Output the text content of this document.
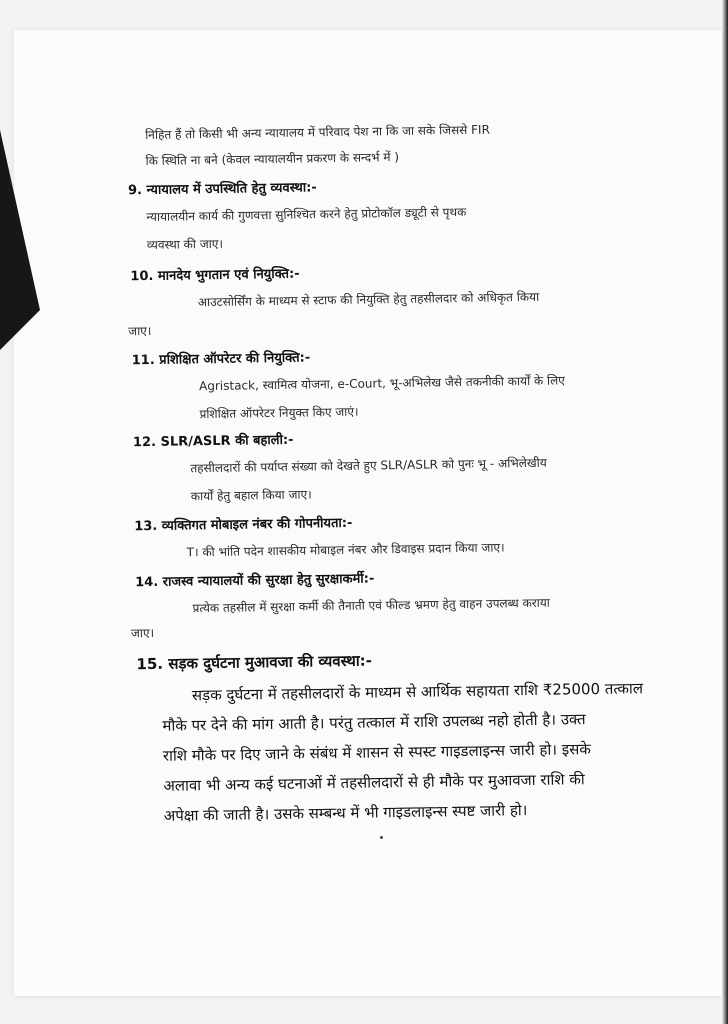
निहित हैं तो किसी भी अन्य न्यायालय में परिवाद पेश ना कि जा सके जिससे FIR
कि स्थिति ना बने (केवल न्यायालयीन प्रकरण के सन्दर्भ में )
9. न्यायालय में उपस्थिति हेतु व्यवस्था:-
न्यायालयीन कार्य की गुणवत्ता सुनिश्चित करने हेतु प्रोटोकॉल ड्यूटी से पृथक
व्यवस्था की जाए।
10. मानदेय भुगतान एवं नियुक्ति:-
आउटसोर्सिंग के माध्यम से स्टाफ की नियुक्ति हेतु तहसीलदार को अधिकृत किया
जाए।
11. प्रशिक्षित ऑपरेटर की नियुक्ति:-
Agristack, स्वामित्व योजना, e-Court, भू-अभिलेख जैसे तकनीकी कार्यों के लिए
प्रशिक्षित ऑपरेटर नियुक्त किए जाएं।
12. SLR/ASLR की बहाली:-
तहसीलदारों की पर्याप्त संख्या को देखते हुए SLR/ASLR को पुनः भू - अभिलेखीय
कार्यों हेतु बहाल किया जाए।
13. व्यक्तिगत मोबाइल नंबर की गोपनीयता:-
T। की भांति पदेन शासकीय मोबाइल नंबर और डिवाइस प्रदान किया जाए।
14. राजस्व न्यायालयों की सुरक्षा हेतु सुरक्षाकर्मी:-
प्रत्येक तहसील में सुरक्षा कर्मी की तैनाती एवं फील्ड भ्रमण हेतु वाहन उपलब्ध कराया
जाए।
15. सड़क दुर्घटना मुआवजा की व्यवस्था:-
सड़क दुर्घटना में तहसीलदारों के माध्यम से आर्थिक सहायता राशि ₹25000 तत्काल
मौके पर देने की मांग आती है। परंतु तत्काल में राशि उपलब्ध नहो होती है। उक्त
राशि मौके पर दिए जाने के संबंध में शासन से स्पस्ट गाइडलाइन्स जारी हो। इसके
अलावा भी अन्य कई घटनाओं में तहसीलदारों से ही मौके पर मुआवजा राशि की
अपेक्षा की जाती है। उसके सम्बन्ध में भी गाइडलाइन्स स्पष्ट जारी हो।
